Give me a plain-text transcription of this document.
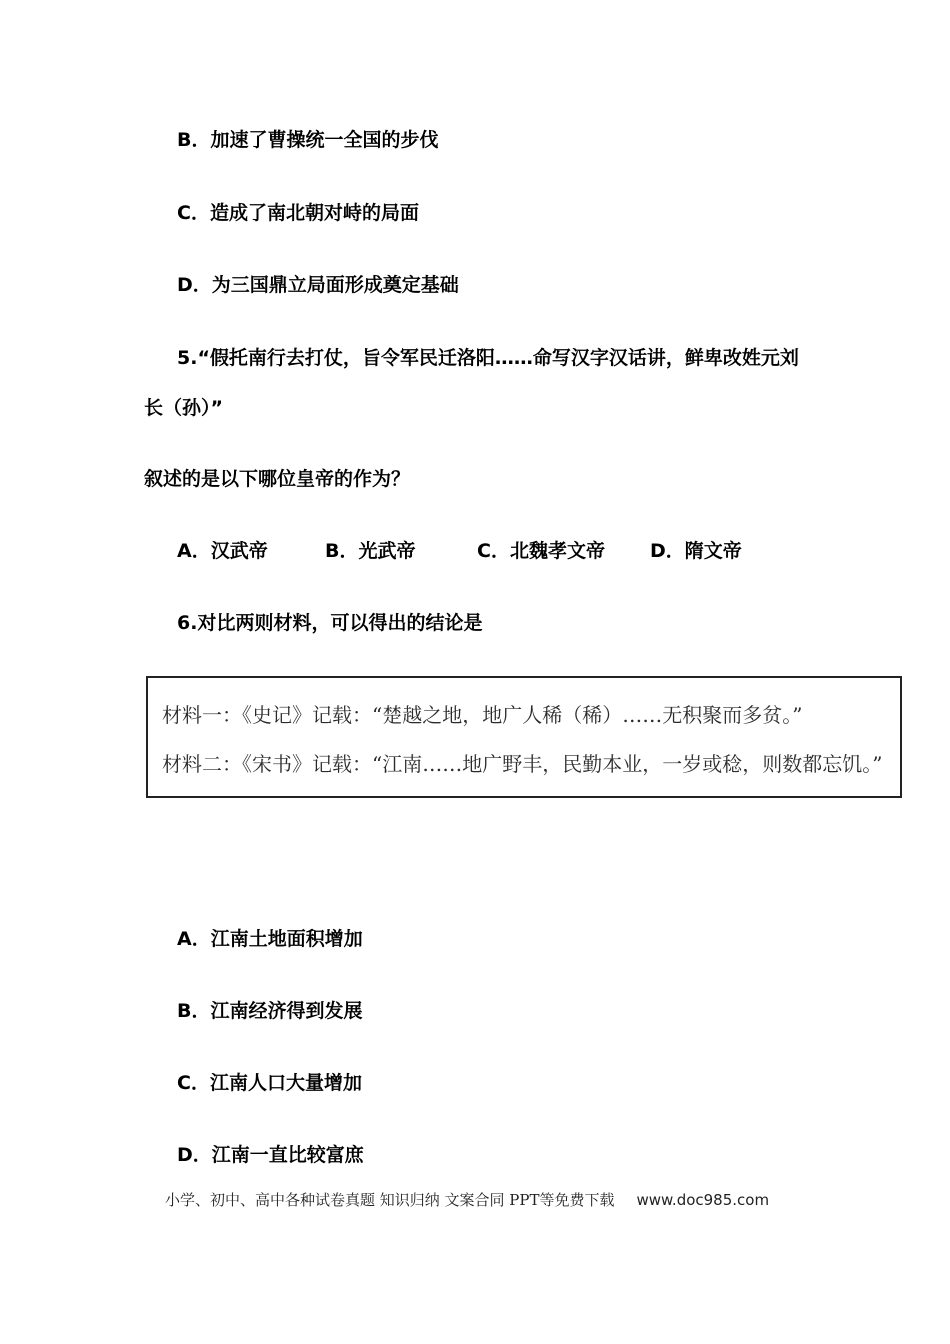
B．加速了曹操统一全国的步伐

C．造成了南北朝对峙的局面

D．为三国鼎立局面形成奠定基础

5.“假托南行去打仗，旨令军民迁洛阳……命写汉字汉话讲，鲜卑改姓元刘

长（孙）”

叙述的是以下哪位皇帝的作为？

A．汉武帝	B．光武帝	C．北魏孝文帝 D．隋文帝

6.对比两则材料，可以得出的结论是

材料一：《史记》记载：“楚越之地，地广人稀（稀）……无积聚而多贫。”
材料二：《宋书》记载：“江南……地广野丰，民勤本业，一岁或稔，则数都忘饥。”

A．江南土地面积增加

B．江南经济得到发展

C．江南人口大量增加

D．江南一直比较富庶

小学、初中、高中各种试卷真题 知识归纳 文案合同 PPT等免费下载 www.doc985.com
